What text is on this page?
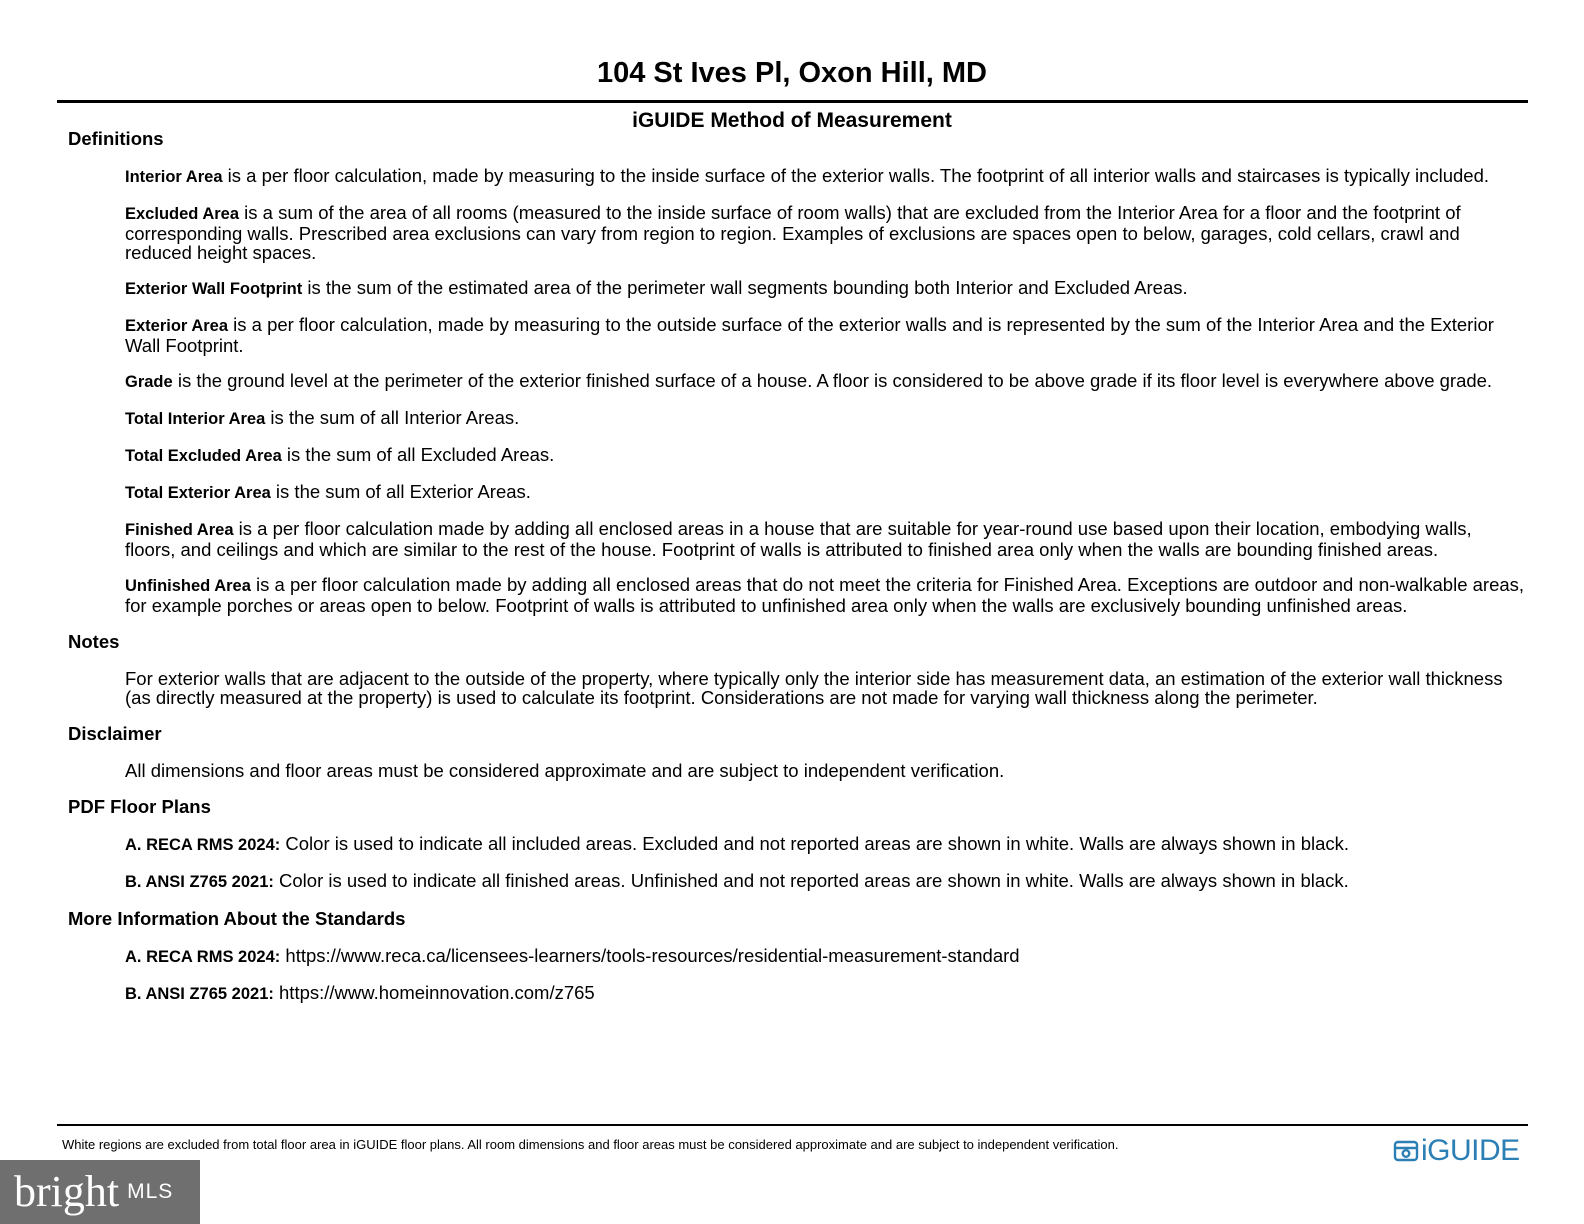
104 St Ives Pl, Oxon Hill, MD
iGUIDE Method of Measurement
Definitions
Interior Area is a per floor calculation, made by measuring to the inside surface of the exterior walls. The footprint of all interior walls and staircases is typically included.
Excluded Area is a sum of the area of all rooms (measured to the inside surface of room walls) that are excluded from the Interior Area for a floor and the footprint of corresponding walls. Prescribed area exclusions can vary from region to region. Examples of exclusions are spaces open to below, garages, cold cellars, crawl and reduced height spaces.
Exterior Wall Footprint is the sum of the estimated area of the perimeter wall segments bounding both Interior and Excluded Areas.
Exterior Area is a per floor calculation, made by measuring to the outside surface of the exterior walls and is represented by the sum of the Interior Area and the Exterior Wall Footprint.
Grade is the ground level at the perimeter of the exterior finished surface of a house. A floor is considered to be above grade if its floor level is everywhere above grade.
Total Interior Area is the sum of all Interior Areas.
Total Excluded Area is the sum of all Excluded Areas.
Total Exterior Area is the sum of all Exterior Areas.
Finished Area is a per floor calculation made by adding all enclosed areas in a house that are suitable for year-round use based upon their location, embodying walls, floors, and ceilings and which are similar to the rest of the house. Footprint of walls is attributed to finished area only when the walls are bounding finished areas.
Unfinished Area is a per floor calculation made by adding all enclosed areas that do not meet the criteria for Finished Area. Exceptions are outdoor and non-walkable areas, for example porches or areas open to below. Footprint of walls is attributed to unfinished area only when the walls are exclusively bounding unfinished areas.
Notes
For exterior walls that are adjacent to the outside of the property, where typically only the interior side has measurement data, an estimation of the exterior wall thickness (as directly measured at the property) is used to calculate its footprint. Considerations are not made for varying wall thickness along the perimeter.
Disclaimer
All dimensions and floor areas must be considered approximate and are subject to independent verification.
PDF Floor Plans
A. RECA RMS 2024: Color is used to indicate all included areas. Excluded and not reported areas are shown in white. Walls are always shown in black.
B. ANSI Z765 2021: Color is used to indicate all finished areas. Unfinished and not reported areas are shown in white. Walls are always shown in black.
More Information About the Standards
A. RECA RMS 2024: https://www.reca.ca/licensees-learners/tools-resources/residential-measurement-standard
B. ANSI Z765 2021: https://www.homeinnovation.com/z765
White regions are excluded from total floor area in iGUIDE floor plans. All room dimensions and floor areas must be considered approximate and are subject to independent verification.	iGUIDE
bright MLS
